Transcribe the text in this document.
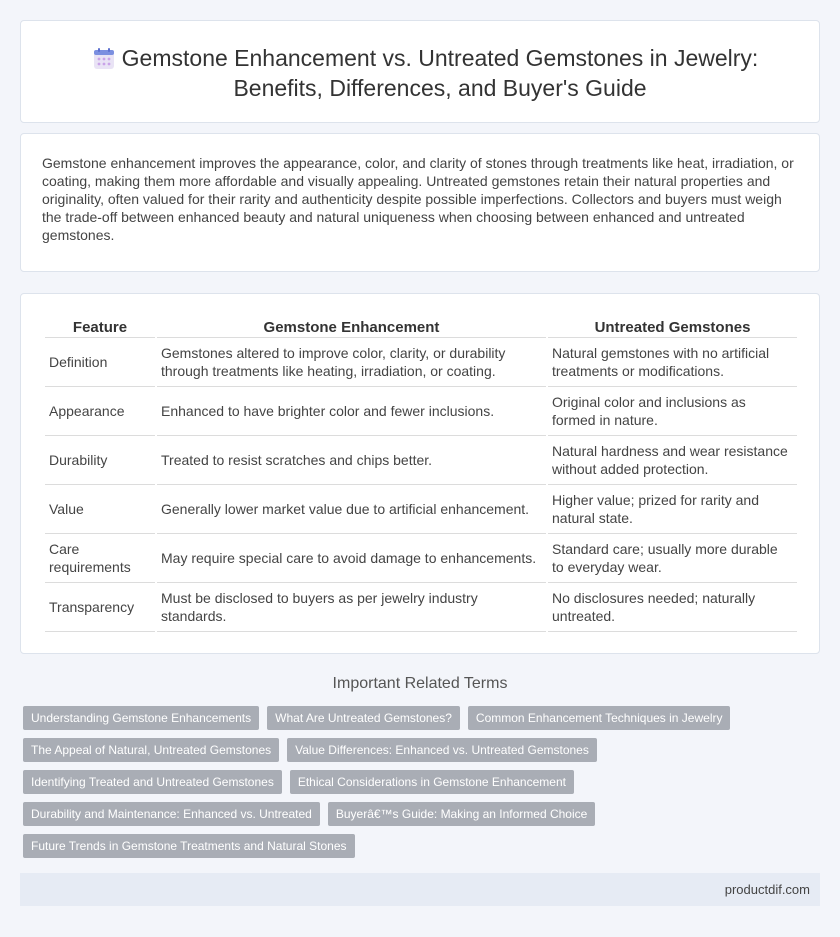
Gemstone Enhancement vs. Untreated Gemstones in Jewelry:
Benefits, Differences, and Buyer's Guide

Gemstone enhancement improves the appearance, color, and clarity of stones through treatments like heat, irradiation, or coating, making them more affordable and visually appealing. Untreated gemstones retain their natural properties and originality, often valued for their rarity and authenticity despite possible imperfections. Collectors and buyers must weigh the trade-off between enhanced beauty and natural uniqueness when choosing between enhanced and untreated gemstones.

Feature	Gemstone Enhancement	Untreated Gemstones
Definition	Gemstones altered to improve color, clarity, or durability through treatments like heating, irradiation, or coating.	Natural gemstones with no artificial treatments or modifications.
Appearance	Enhanced to have brighter color and fewer inclusions.	Original color and inclusions as formed in nature.
Durability	Treated to resist scratches and chips better.	Natural hardness and wear resistance without added protection.
Value	Generally lower market value due to artificial enhancement.	Higher value; prized for rarity and natural state.
Care requirements	May require special care to avoid damage to enhancements.	Standard care; usually more durable to everyday wear.
Transparency	Must be disclosed to buyers as per jewelry industry standards.	No disclosures needed; naturally untreated.
Important Related Terms
Understanding Gemstone Enhancements	What Are Untreated Gemstones?	Common Enhancement Techniques in Jewelry
The Appeal of Natural, Untreated Gemstones	Value Differences: Enhanced vs. Untreated Gemstones
Identifying Treated and Untreated Gemstones	Ethical Considerations in Gemstone Enhancement
Durability and Maintenance: Enhanced vs. Untreated	Buyerâ€™s Guide: Making an Informed Choice
Future Trends in Gemstone Treatments and Natural Stones
productdif.com
